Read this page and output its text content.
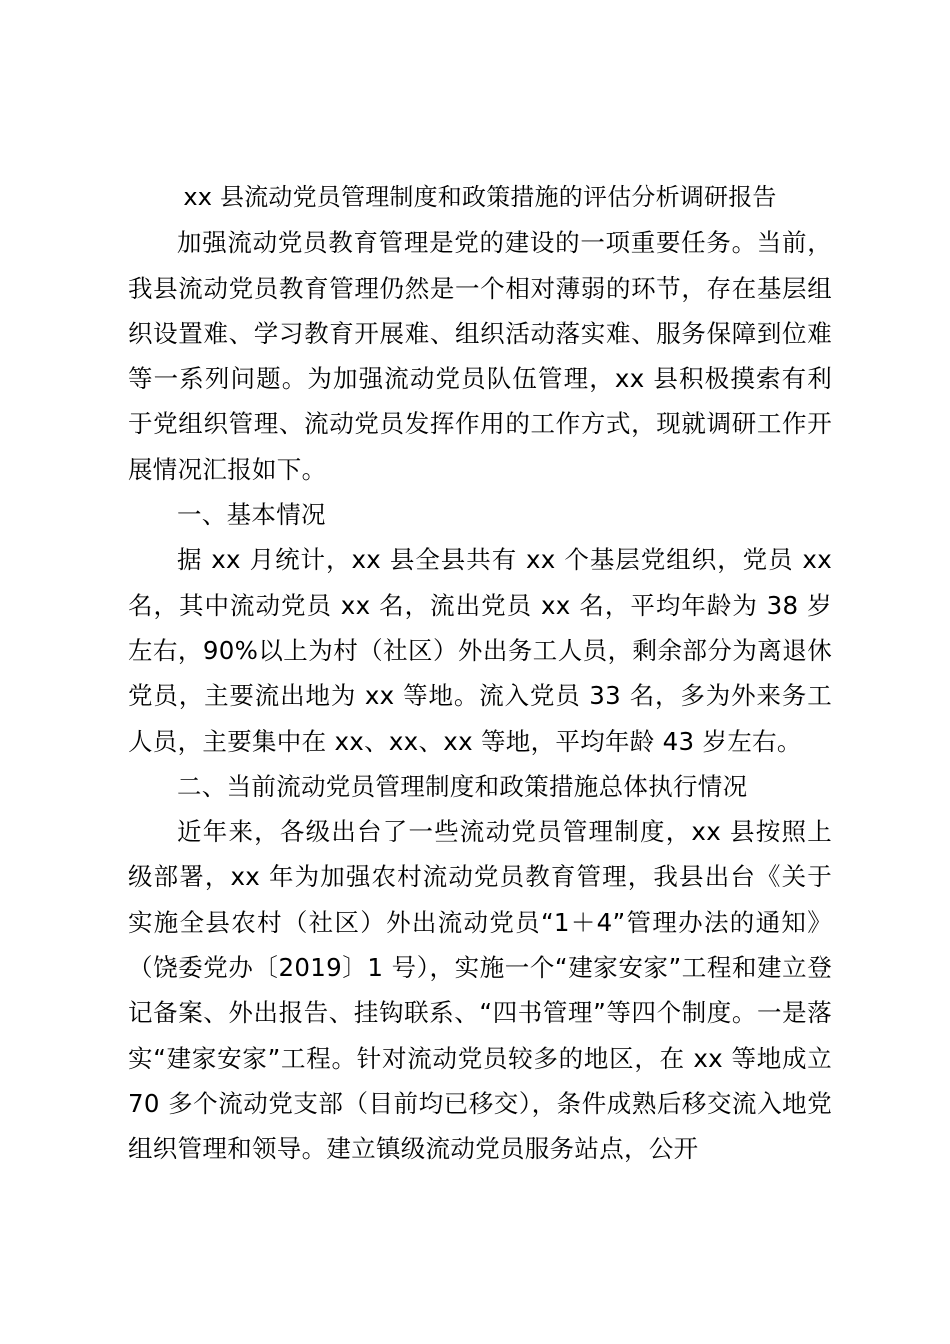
xx 县流动党员管理制度和政策措施的评估分析调研报告

加强流动党员教育管理是党的建设的一项重要任务。当前，我县流动党员教育管理仍然是一个相对薄弱的环节，存在基层组织设置难、学习教育开展难、组织活动落实难、服务保障到位难等一系列问题。为加强流动党员队伍管理，xx 县积极摸索有利于党组织管理、流动党员发挥作用的工作方式，现就调研工作开展情况汇报如下。

一、基本情况

据 xx 月统计，xx 县全县共有 xx 个基层党组织，党员 xx 名，其中流动党员 xx 名，流出党员 xx 名，平均年龄为 38 岁左右，90%以上为村（社区）外出务工人员，剩余部分为离退休党员，主要流出地为 xx 等地。流入党员 33 名，多为外来务工人员，主要集中在 xx、xx、xx 等地，平均年龄 43 岁左右。

二、当前流动党员管理制度和政策措施总体执行情况

近年来，各级出台了一些流动党员管理制度，xx 县按照上级部署，xx 年为加强农村流动党员教育管理，我县出台《关于实施全县农村（社区）外出流动党员“1＋4”管理办法的通知》（饶委党办〔2019〕1 号），实施一个“建家安家”工程和建立登记备案、外出报告、挂钩联系、“四书管理”等四个制度。一是落实“建家安家”工程。针对流动党员较多的地区，在 xx 等地成立 70 多个流动党支部（目前均已移交），条件成熟后移交流入地党组织管理和领导。建立镇级流动党员服务站点，公开
